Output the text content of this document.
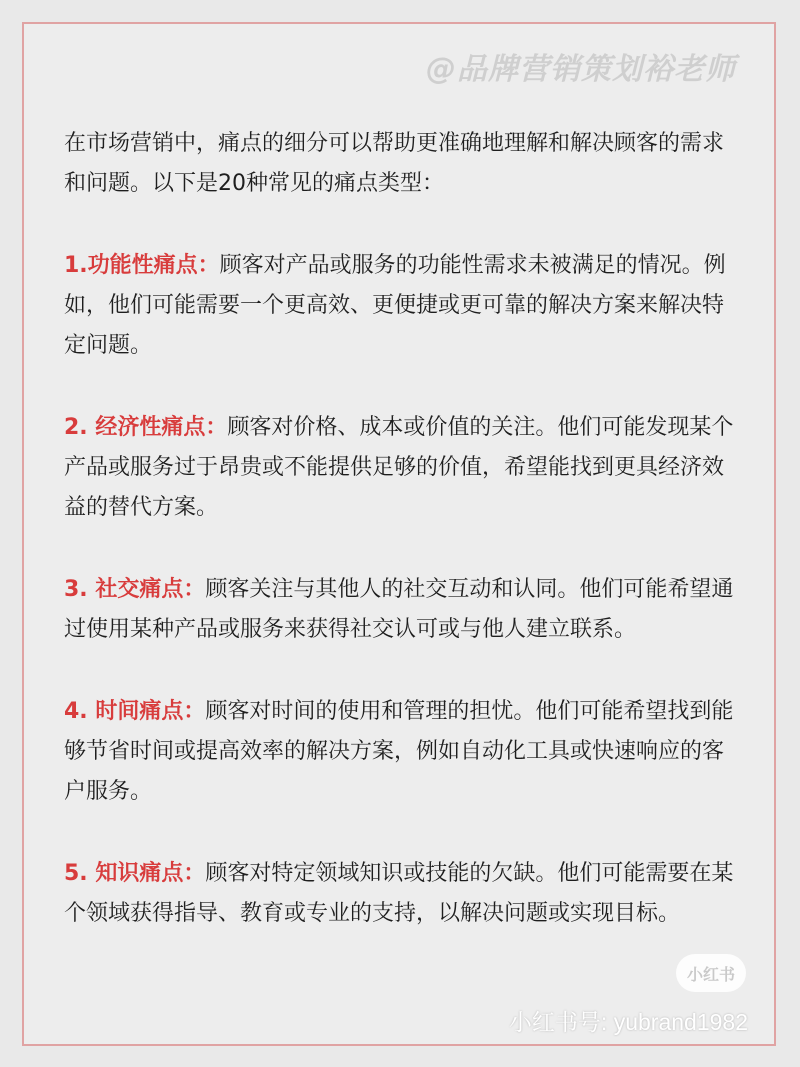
@品牌营销策划裕老师

在市场营销中，痛点的细分可以帮助更准确地理解和解决顾客的需求和问题。以下是20种常见的痛点类型：

1.功能性痛点：顾客对产品或服务的功能性需求未被满足的情况。例如，他们可能需要一个更高效、更便捷或更可靠的解决方案来解决特定问题。

2. 经济性痛点：顾客对价格、成本或价值的关注。他们可能发现某个产品或服务过于昂贵或不能提供足够的价值，希望能找到更具经济效益的替代方案。

3. 社交痛点：顾客关注与其他人的社交互动和认同。他们可能希望通过使用某种产品或服务来获得社交认可或与他人建立联系。

4. 时间痛点：顾客对时间的使用和管理的担忧。他们可能希望找到能够节省时间或提高效率的解决方案，例如自动化工具或快速响应的客户服务。

5. 知识痛点：顾客对特定领域知识或技能的欠缺。他们可能需要在某个领域获得指导、教育或专业的支持，以解决问题或实现目标。

小红书
小红书号: yubrand1982
